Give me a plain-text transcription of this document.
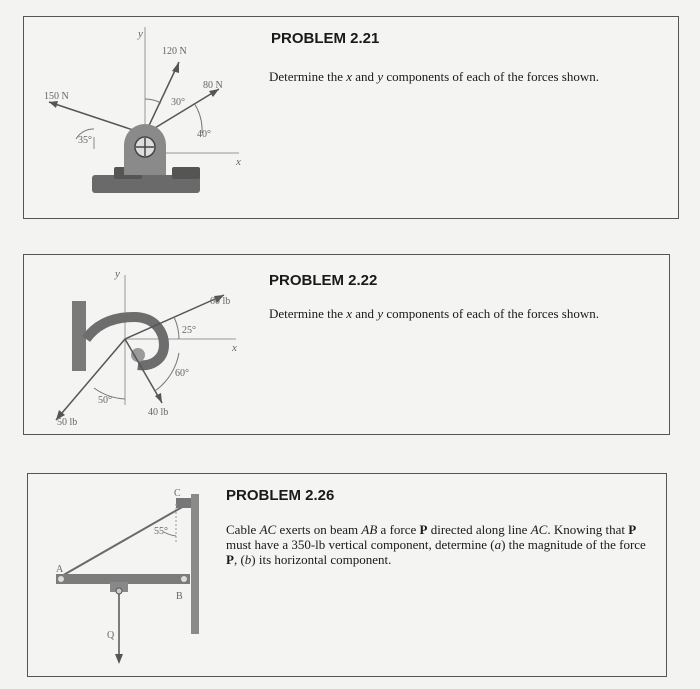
y
x
120 N
80 N
150 N
30°
40°
35°
PROBLEM 2.21
Determine the x and y components of each of the forces shown.
y
x
60 lb
40 lb
50 lb
25°
60°
50°
PROBLEM 2.22
Determine the x and y components of each of the forces shown.
A
B
C
Q
55°
PROBLEM 2.26
Cable AC exerts on beam AB a force P directed along line AC. Knowing that P must have a 350-lb vertical component, determine (a) the magnitude of the force P, (b) its horizontal component.
